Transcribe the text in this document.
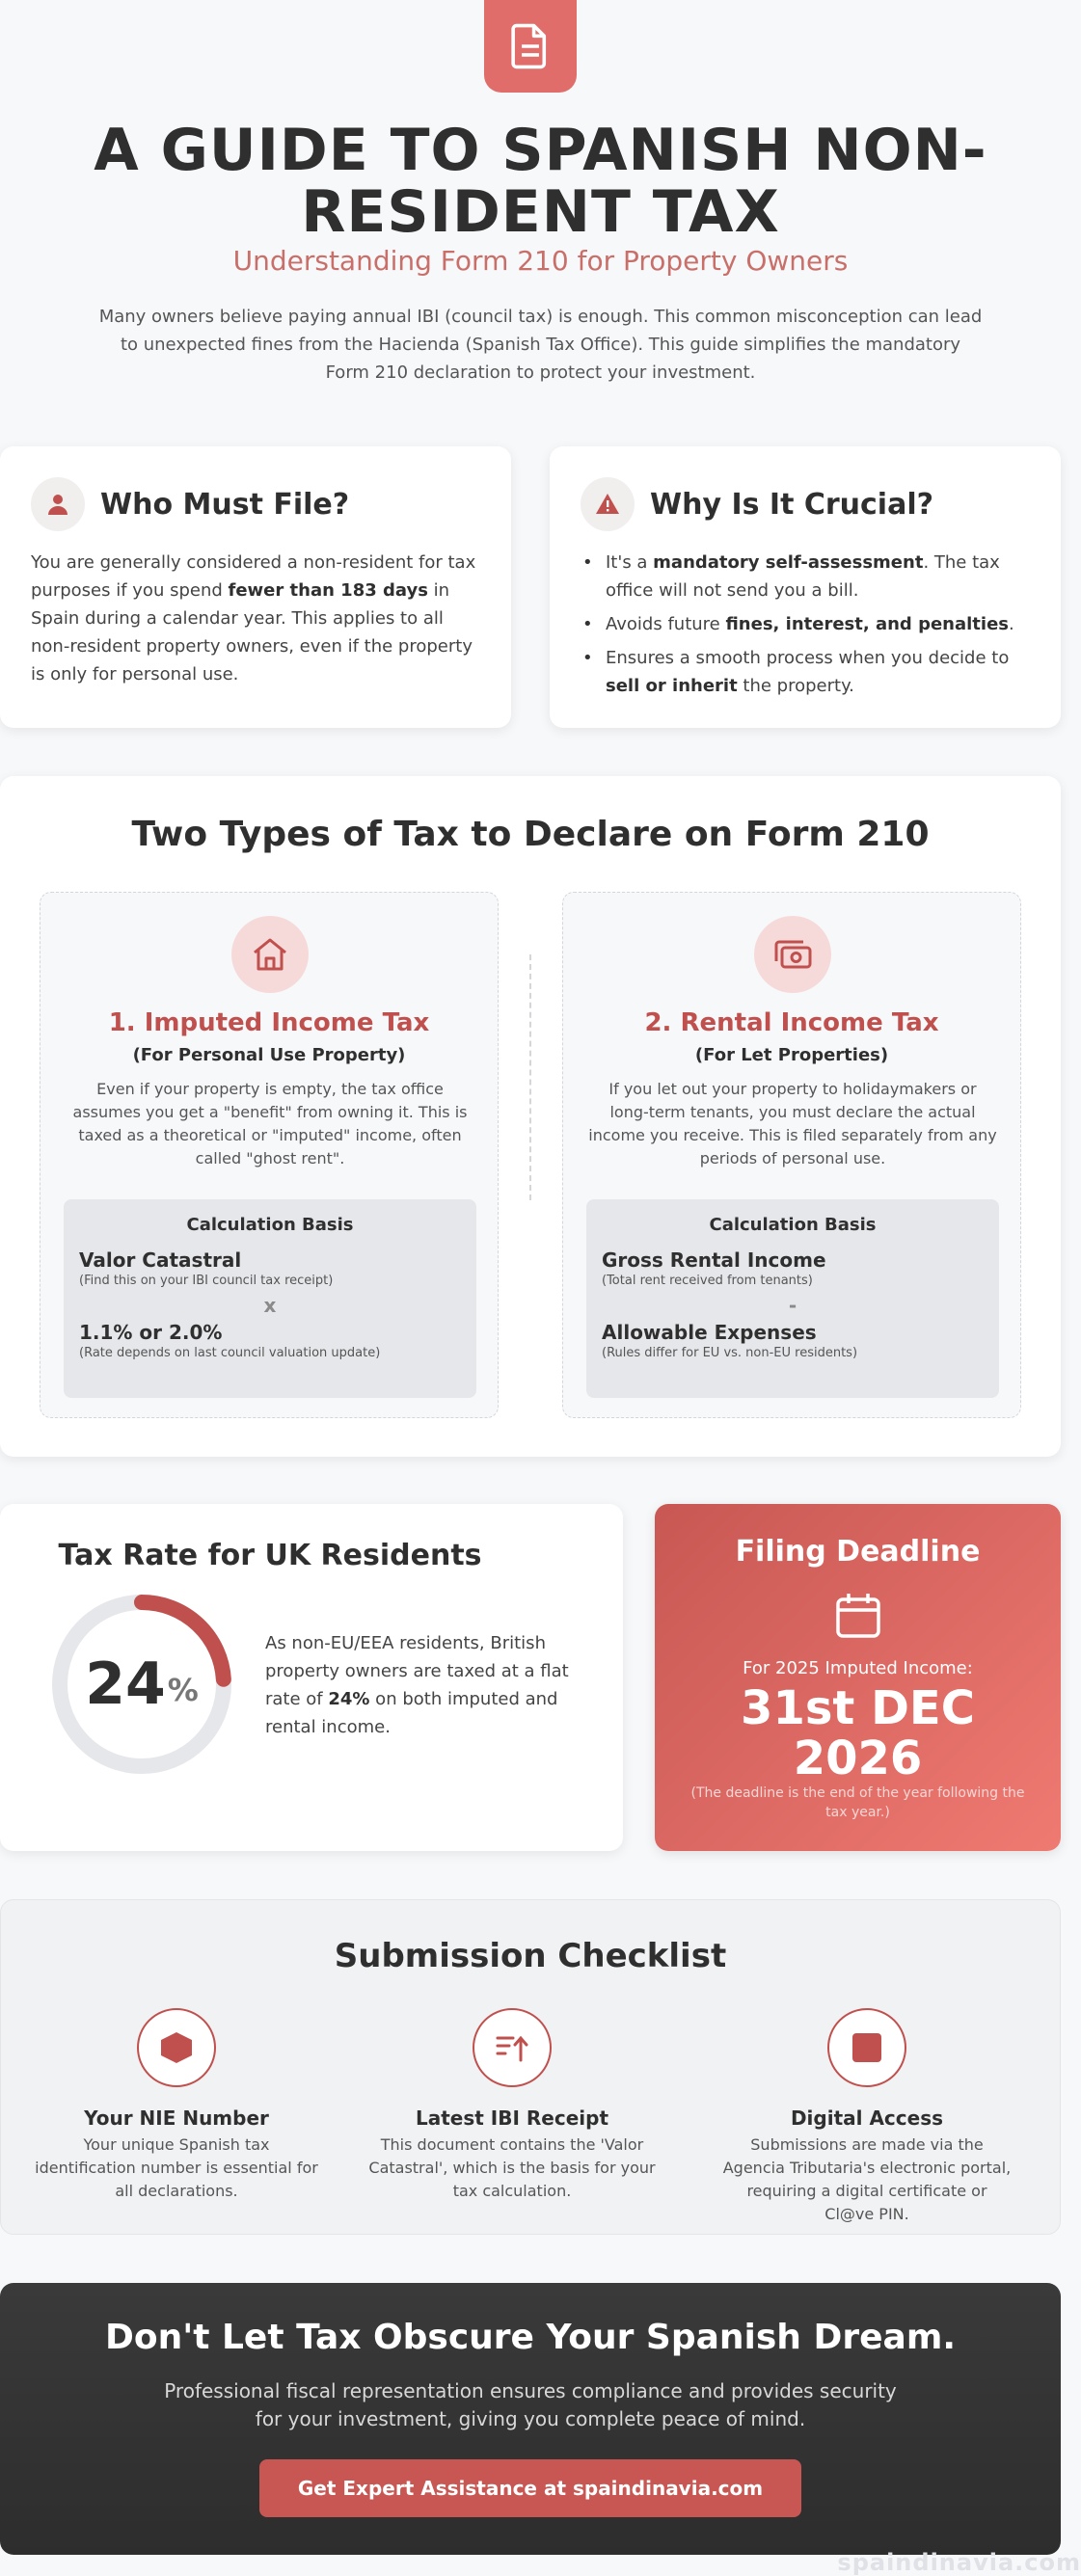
A GUIDE TO SPANISH NON-RESIDENT TAX
Understanding Form 210 for Property Owners

Many owners believe paying annual IBI (council tax) is enough. This common misconception can lead to unexpected fines from the Hacienda (Spanish Tax Office). This guide simplifies the mandatory Form 210 declaration to protect your investment.

Who Must File?

You are generally considered a non-resident for tax purposes if you spend fewer than 183 days in Spain during a calendar year. This applies to all non-resident property owners, even if the property is only for personal use.

Why Is It Crucial?
• It's a mandatory self-assessment. The tax office will not send you a bill.
• Avoids future fines, interest, and penalties.
• Ensures a smooth process when you decide to sell or inherit the property.
Two Types of Tax to Declare on Form 210
1. Imputed Income Tax
(For Personal Use Property)

Even if your property is empty, the tax office assumes you get a "benefit" from owning it. This is taxed as a theoretical or "imputed" income, often called "ghost rent".

Calculation Basis
Valor Catastral
(Find this on your IBI council tax receipt)
x
1.1% or 2.0%
(Rate depends on last council valuation update)
2. Rental Income Tax
(For Let Properties)

If you let out your property to holidaymakers or long-term tenants, you must declare the actual income you receive. This is filed separately from any periods of personal use.

Calculation Basis
Gross Rental Income
(Total rent received from tenants)
-
Allowable Expenses
(Rules differ for EU vs. non-EU residents)
Tax Rate for UK Residents
24 %

As non-EU/EEA residents, British property owners are taxed at a flat rate of 24% on both imputed and rental income.

Filing Deadline
For 2025 Imputed Income:
31st DEC
2026
(The deadline is the end of the year following the tax year.)
Submission Checklist
Your NIE Number
Your unique Spanish tax identification number is essential for all declarations.
Latest IBI Receipt
This document contains the 'Valor Catastral', which is the basis for your tax calculation.
Digital Access
Submissions are made via the Agencia Tributaria's electronic portal, requiring a digital certificate or Cl@ve PIN.
Don't Let Tax Obscure Your Spanish Dream.

Professional fiscal representation ensures compliance and provides security for your investment, giving you complete peace of mind.

Get Expert Assistance at spaindinavia.com
spaindinavia.com
